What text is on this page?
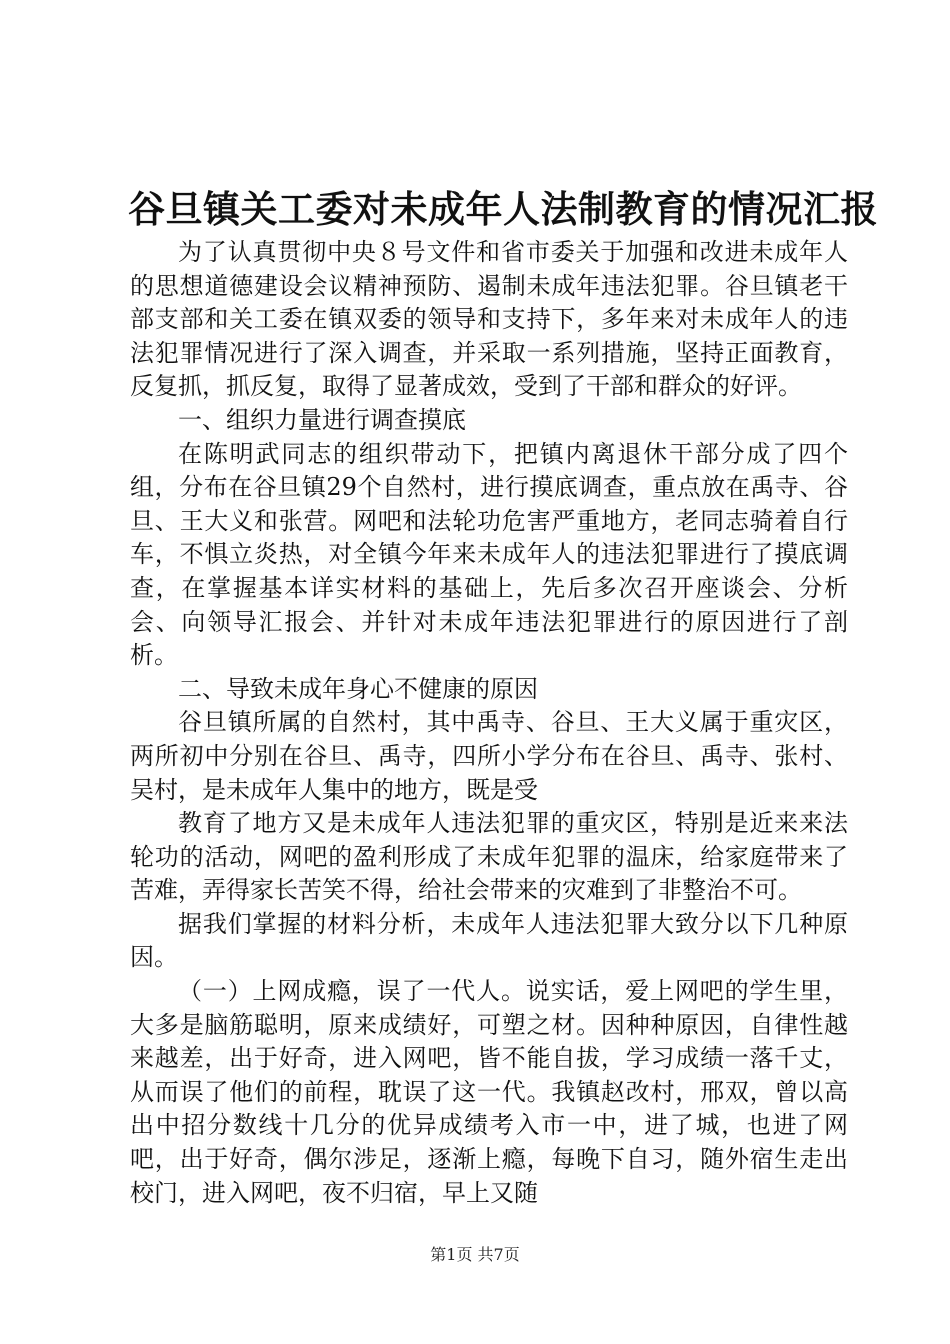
谷旦镇关工委对未成年人法制教育的情况汇报

为了认真贯彻中央８号文件和省市委关于加强和改进未成年人的思想道德建设会议精神预防、遏制未成年违法犯罪。谷旦镇老干部支部和关工委在镇双委的领导和支持下，多年来对未成年人的违法犯罪情况进行了深入调查，并采取一系列措施，坚持正面教育，反复抓，抓反复，取得了显著成效，受到了干部和群众的好评。

一、组织力量进行调查摸底

在陈明武同志的组织带动下，把镇内离退休干部分成了四个组，分布在谷旦镇29个自然村，进行摸底调查，重点放在禹寺、谷旦、王大义和张营。网吧和法轮功危害严重地方，老同志骑着自行车，不惧立炎热，对全镇今年来未成年人的违法犯罪进行了摸底调查，在掌握基本详实材料的基础上，先后多次召开座谈会、分析会、向领导汇报会、并针对未成年违法犯罪进行的原因进行了剖析。

二、导致未成年身心不健康的原因

谷旦镇所属的自然村，其中禹寺、谷旦、王大义属于重灾区，两所初中分别在谷旦、禹寺，四所小学分布在谷旦、禹寺、张村、吴村，是未成年人集中的地方，既是受

教育了地方又是未成年人违法犯罪的重灾区，特别是近来来法轮功的活动，网吧的盈利形成了未成年犯罪的温床，给家庭带来了苦难，弄得家长苦笑不得，给社会带来的灾难到了非整治不可。

据我们掌握的材料分析，未成年人违法犯罪大致分以下几种原因。

（一）上网成瘾，误了一代人。说实话，爱上网吧的学生里，大多是脑筋聪明，原来成绩好，可塑之材。因种种原因，自律性越来越差，出于好奇，进入网吧，皆不能自拔，学习成绩一落千丈，从而误了他们的前程，耽误了这一代。我镇赵改村，邢双，曾以高出中招分数线十几分的优异成绩考入市一中，进了城，也进了网吧，出于好奇，偶尔涉足，逐渐上瘾，每晚下自习，随外宿生走出校门，进入网吧，夜不归宿，早上又随

第1页 共7页
